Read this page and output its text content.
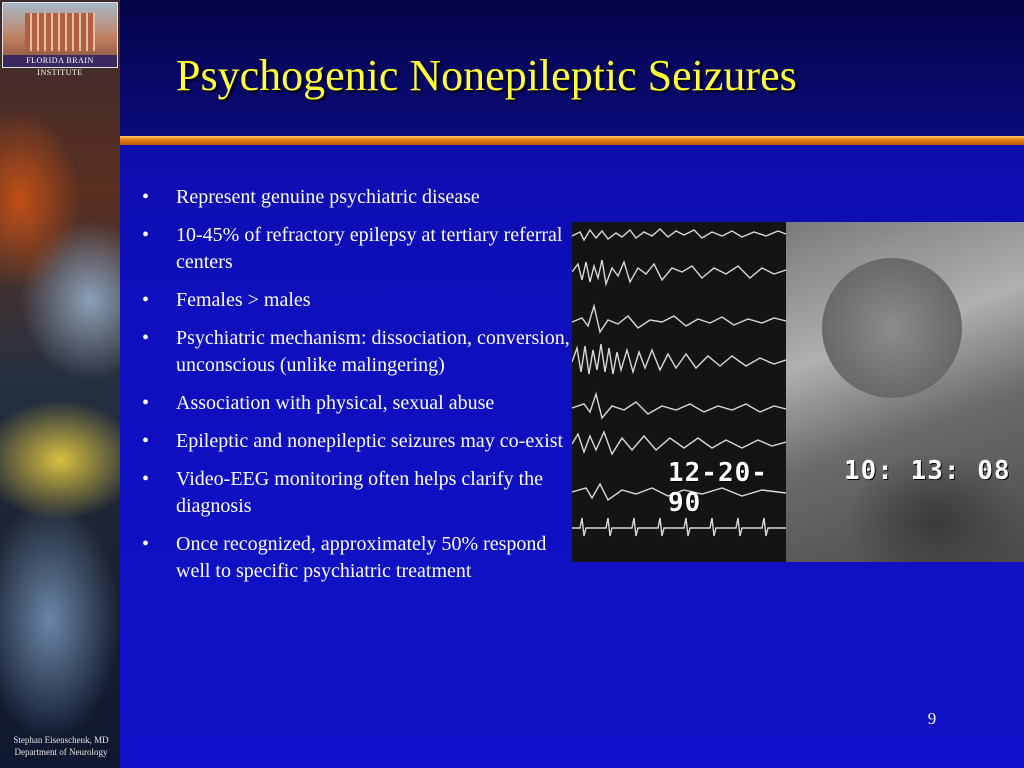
FLORIDA BRAIN INSTITUTE
Stephan Eisenschenk, MD
Department of Neurology
Psychogenic Nonepileptic Seizures
• Represent genuine psychiatric disease
• 10-45% of refractory epilepsy at tertiary referral centers
• Females > males
• Psychiatric mechanism: dissociation, conversion, unconscious (unlike malingering)
• Association with physical, sexual abuse
• Epileptic and nonepileptic seizures may co-exist
• Video-EEG monitoring often helps clarify the diagnosis
• Once recognized, approximately 50% respond well to specific psychiatric treatment
12-20-90
10: 13: 08
9
